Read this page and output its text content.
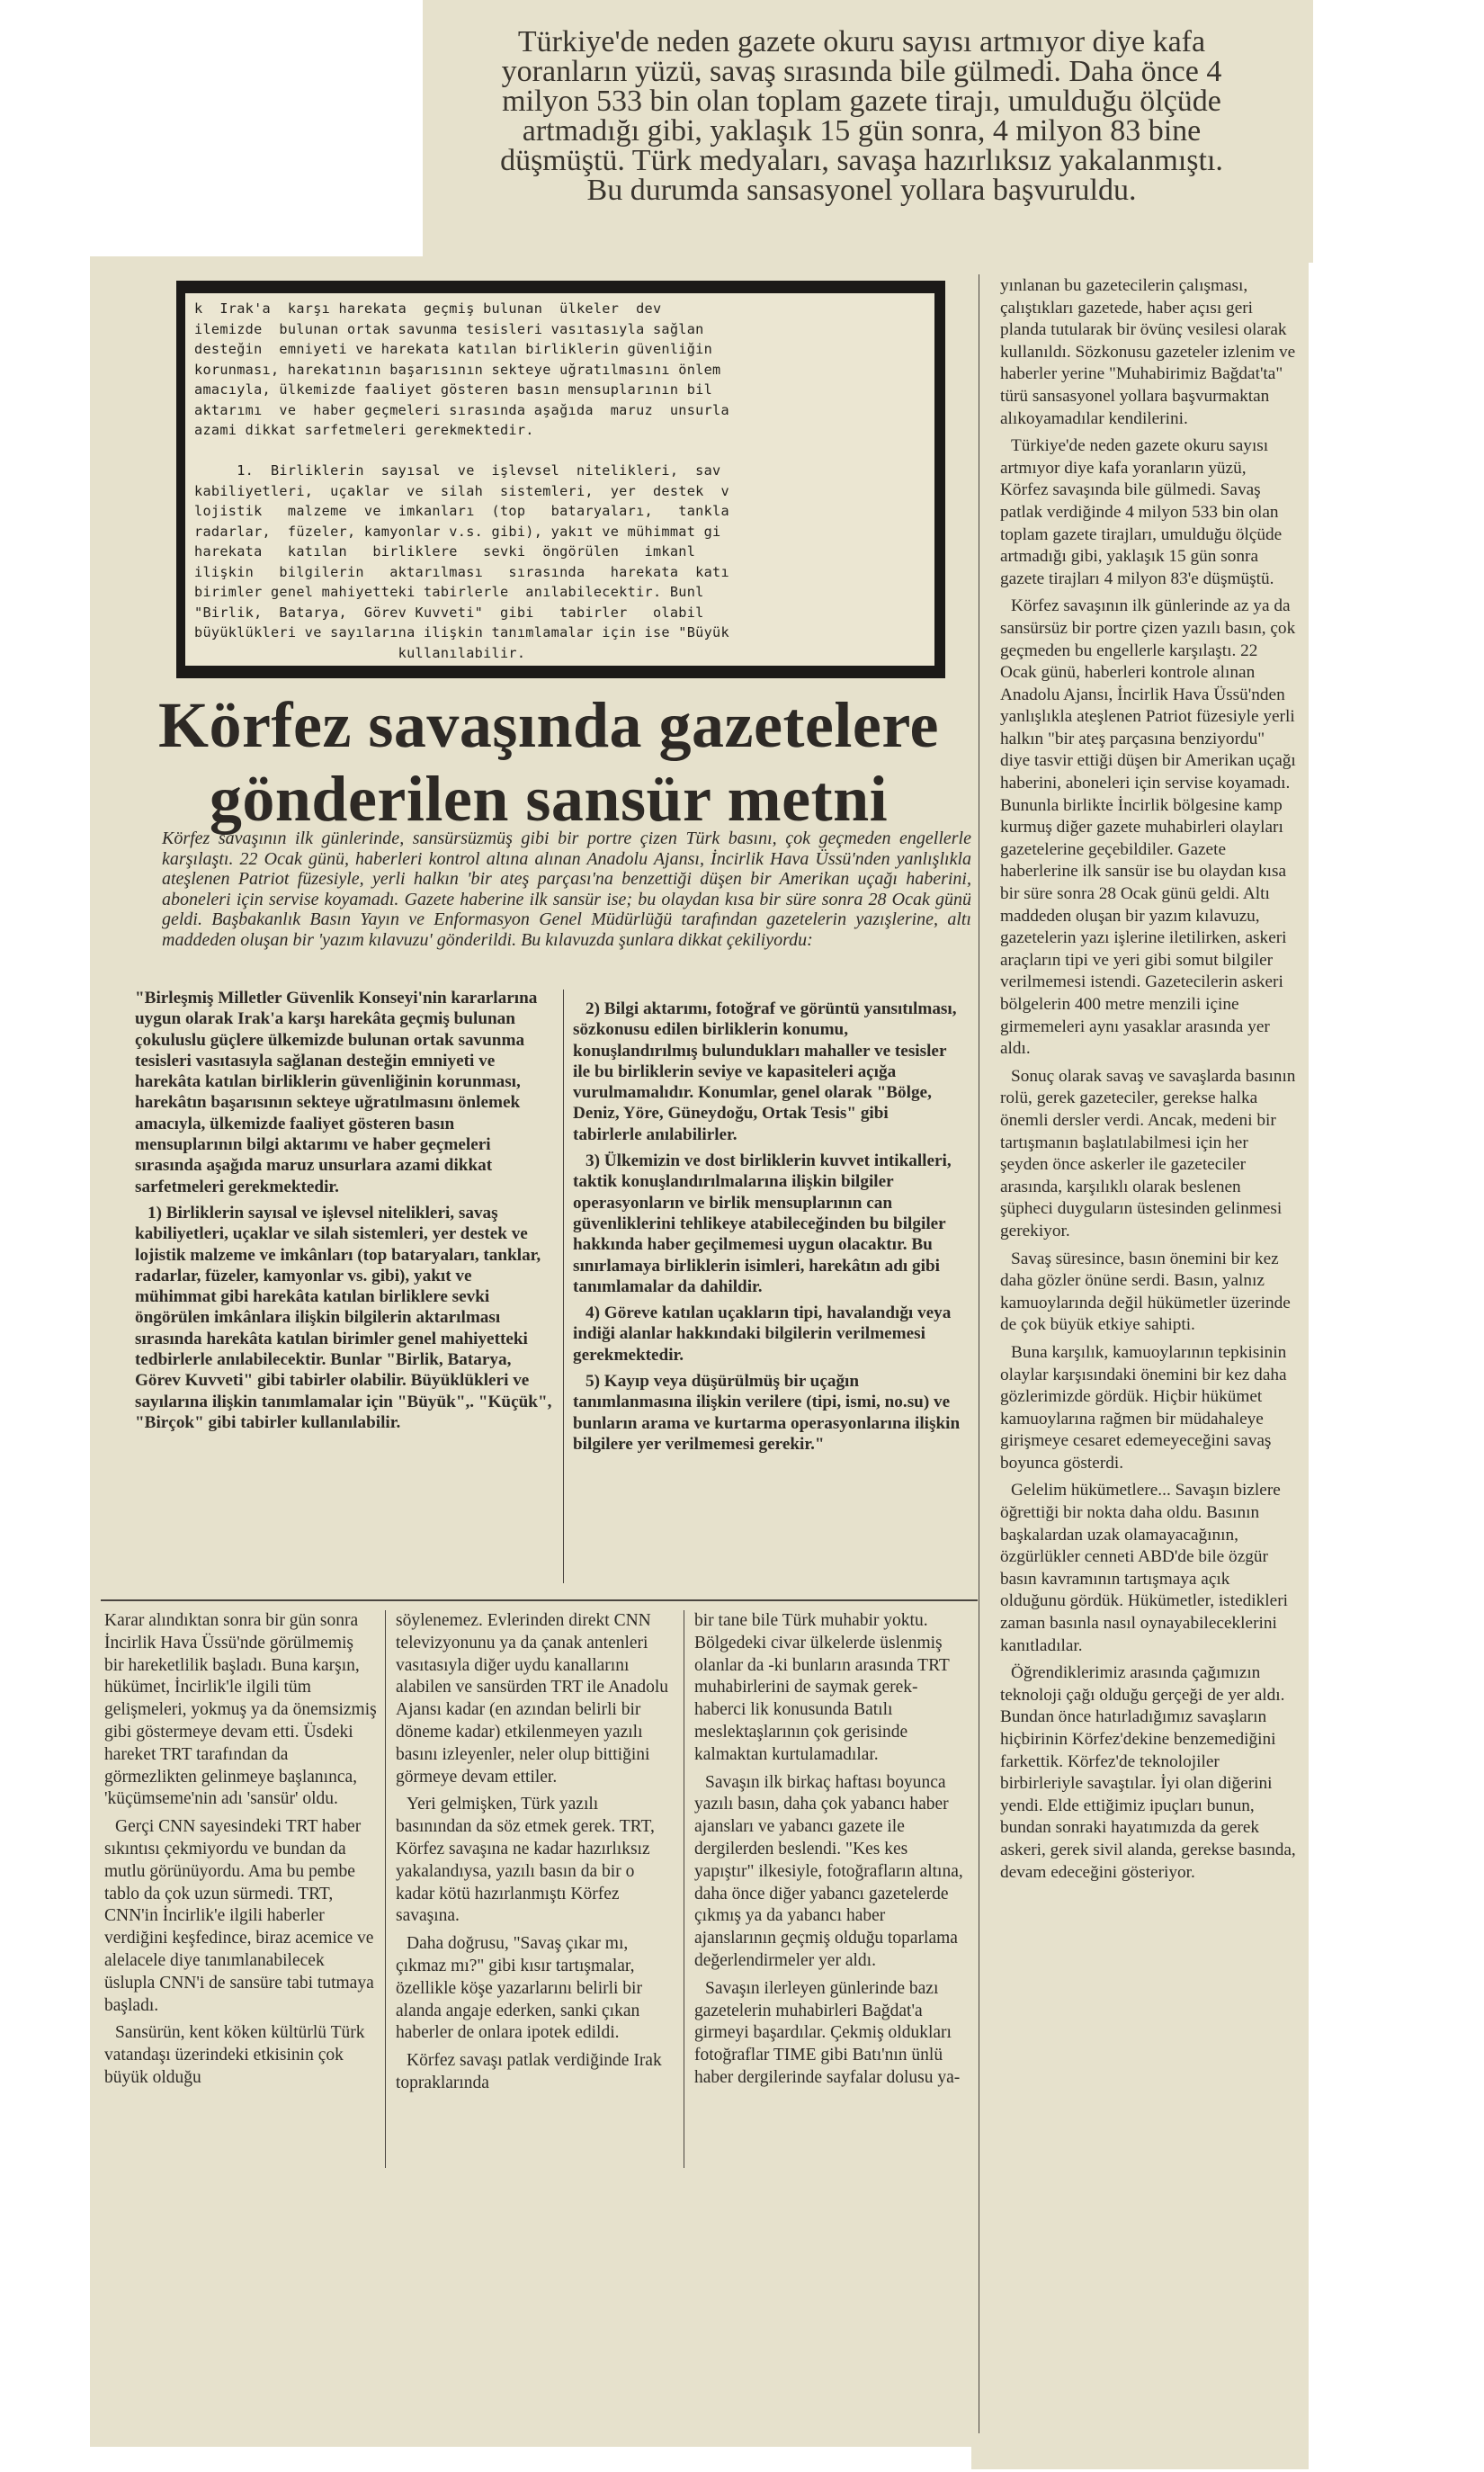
Türkiye'de neden gazete okuru sayısı artmıyor diye kafa
yoranların yüzü, savaş sırasında bile gülmedi. Daha önce 4
milyon 533 bin olan toplam gazete tirajı, umulduğu ölçüde
artmadığı gibi, yaklaşık 15 gün sonra, 4 milyon 83 bine
düşmüştü. Türk medyaları, savaşa hazırlıksız yakalanmıştı.
Bu durumda sansasyonel yollara başvuruldu.
k  Irak'a  karşı harekata  geçmiş bulunan  ülkeler  dev
ilemizde  bulunan ortak savunma tesisleri vasıtasıyla sağlan
desteğin  emniyeti ve harekata katılan birliklerin güvenliğin
korunması, harekatının başarısının sekteye uğratılmasını önlem
amacıyla, ülkemizde faaliyet gösteren basın mensuplarının bil
aktarımı  ve  haber geçmeleri sırasında aşağıda  maruz  unsurla
azami dikkat sarfetmeleri gerekmektedir.

1.  Birliklerin  sayısal  ve  işlevsel  nitelikleri,  sav
kabiliyetleri,  uçaklar  ve  silah  sistemleri,  yer  destek  v
lojistik   malzeme  ve  imkanları  (top   bataryaları,   tankla
radarlar,  füzeler, kamyonlar v.s. gibi), yakıt ve mühimmat gi
harekata   katılan   birliklere   sevki  öngörülen   imkanl
ilişkin   bilgilerin   aktarılması   sırasında   harekata  katı
birimler genel mahiyetteki tabirlerle  anılabilecektir. Bunl
"Birlik,  Batarya,  Görev Kuvveti"  gibi   tabirler   olabil
büyüklükleri ve sayılarına ilişkin tanımlamalar için ise "Büyük
kullanılabilir.
Körfez savaşında gazetelere
gönderilen sansür metni
Körfez savaşının ilk günlerinde, sansürsüzmüş gibi bir portre çizen Türk basını, çok geçmeden engellerle karşılaştı. 22 Ocak günü, haberleri kontrol altına alınan Anadolu Ajansı, İncirlik Hava Üssü'nden yanlışlıkla ateşlenen Patriot füzesiyle, yerli halkın 'bir ateş parçası'na benzettiği düşen bir Amerikan uçağı haberini, aboneleri için servise koyamadı. Gazete haberine ilk sansür ise; bu olaydan kısa bir süre sonra 28 Ocak günü geldi. Başbakanlık Basın Yayın ve Enformasyon Genel Müdürlüğü tarafından gazetelerin yazışlerine, altı maddeden oluşan bir 'yazım kılavuzu' gönderildi. Bu kılavuzda şunlara dikkat çekiliyordu:

"Birleşmiş Milletler Güvenlik Konseyi'nin kararlarına uygun olarak Irak'a karşı harekâta geçmiş bulunan çokuluslu güçlere ülkemizde bulunan ortak savunma tesisleri vasıtasıyla sağlanan desteğin emniyeti ve harekâta katılan birliklerin güvenliğinin korunması, harekâtın başarısının sekteye uğratılmasını önlemek amacıyla, ülkemizde faaliyet gösteren basın mensuplarının bilgi aktarımı ve haber geçmeleri sırasında aşağıda maruz unsurlara azami dikkat sarfetmeleri gerekmektedir.

1) Birliklerin sayısal ve işlevsel nitelikleri, savaş kabiliyetleri, uçaklar ve silah sistemleri, yer destek ve lojistik malzeme ve imkânları (top bataryaları, tanklar, radarlar, füzeler, kamyonlar vs. gibi), yakıt ve mühimmat gibi harekâta katılan birliklere sevki öngörülen imkânlara ilişkin bilgilerin aktarılması sırasında harekâta katılan birimler genel mahiyetteki tedbirlerle anılabilecektir. Bunlar "Birlik, Batarya, Görev Kuvveti" gibi tabirler olabilir. Büyüklükleri ve sayılarına ilişkin tanımlamalar için "Büyük",. "Küçük", "Birçok" gibi tabirler kullanılabilir.

2) Bilgi aktarımı, fotoğraf ve görüntü yansıtılması, sözkonusu edilen birliklerin konumu, konuşlandırılmış bulundukları mahaller ve tesisler ile bu birliklerin seviye ve kapasiteleri açığa vurulmamalıdır. Konumlar, genel olarak "Bölge, Deniz, Yöre, Güneydoğu, Ortak Tesis" gibi tabirlerle anılabilirler.

3) Ülkemizin ve dost birliklerin kuvvet intikalleri, taktik konuşlandırılmalarına ilişkin bilgiler operasyonların ve birlik mensuplarının can güvenliklerini tehlikeye atabileceğinden bu bilgiler hakkında haber geçilmemesi uygun olacaktır. Bu sınırlamaya birliklerin isimleri, harekâtın adı gibi tanımlamalar da dahildir.

4) Göreve katılan uçakların tipi, havalandığı veya indiği alanlar hakkındaki bilgilerin verilmemesi gerekmektedir.

5) Kayıp veya düşürülmüş bir uçağın tanımlanmasına ilişkin verilere (tipi, ismi, no.su) ve bunların arama ve kurtarma operasyonlarına ilişkin bilgilere yer verilmemesi gerekir."

Karar alındıktan sonra bir gün sonra İncirlik Hava Üssü'nde görülmemiş bir hareketlilik başladı. Buna karşın, hükümet, İncirlik'le ilgili tüm gelişmeleri, yokmuş ya da önemsizmiş gibi göstermeye devam etti. Üsdeki hareket TRT tarafından da görmezlikten gelinmeye başlanınca, 'küçümseme'nin adı 'sansür' oldu.

Gerçi CNN sayesindeki TRT haber sıkıntısı çekmiyordu ve bundan da mutlu görünüyordu. Ama bu pembe tablo da çok uzun sürmedi. TRT, CNN'in İncirlik'e ilgili haberler verdiğini keşfedince, biraz acemice ve alelacele diye tanımlanabilecek üslupla CNN'i de sansüre tabi tutmaya başladı.

Sansürün, kent köken kültürlü Türk vatandaşı üzerindeki etkisinin çok büyük olduğu

söylenemez. Evlerinden direkt CNN televizyonunu ya da çanak antenleri vasıtasıyla diğer uydu kanallarını alabilen ve sansürden TRT ile Anadolu Ajansı kadar (en azından belirli bir döneme kadar) etkilenmeyen yazılı basını izleyenler, neler olup bittiğini görmeye devam ettiler.

Yeri gelmişken, Türk yazılı basınından da söz etmek gerek. TRT, Körfez savaşına ne kadar hazırlıksız yakalandıysa, yazılı basın da bir o kadar kötü hazırlanmıştı Körfez savaşına.

Daha doğrusu, "Savaş çıkar mı, çıkmaz mı?" gibi kısır tartışmalar, özellikle köşe yazarlarını belirli bir alanda angaje ederken, sanki çıkan haberler de onlara ipotek edildi.

Körfez savaşı patlak verdiğinde Irak topraklarında

bir tane bile Türk muhabir yoktu. Bölgedeki civar ülkelerde üslenmiş olanlar da -ki bunların arasında TRT muhabirlerini de saymak gerek- haberci lik konusunda Batılı meslektaşlarının çok gerisinde kalmaktan kurtulamadılar.

Savaşın ilk birkaç haftası boyunca yazılı basın, daha çok yabancı haber ajansları ve yabancı gazete ile dergilerden beslendi. "Kes kes yapıştır" ilkesiyle, fotoğrafların altına, daha önce diğer yabancı gazetelerde çıkmış ya da yabancı haber ajanslarının geçmiş olduğu toparlama değerlendirmeler yer aldı.

Savaşın ilerleyen günlerinde bazı gazetelerin muhabirleri Bağdat'a girmeyi başardılar. Çekmiş oldukları fotoğraflar TIME gibi Batı'nın ünlü haber dergilerinde sayfalar dolusu ya-

yınlanan bu gazetecilerin çalışması, çalıştıkları gazetede, haber açısı geri planda tutularak bir övünç vesilesi olarak kullanıldı. Sözkonusu gazeteler izlenim ve haberler yerine "Muhabirimiz Bağdat'ta" türü sansasyonel yollara başvurmaktan alıkoyamadılar kendilerini.

Türkiye'de neden gazete okuru sayısı artmıyor diye kafa yoranların yüzü, Körfez savaşında bile gülmedi. Savaş patlak verdiğinde 4 milyon 533 bin olan toplam gazete tirajları, umulduğu ölçüde artmadığı gibi, yaklaşık 15 gün sonra gazete tirajları 4 milyon 83'e düşmüştü.

Körfez savaşının ilk günlerinde az ya da sansürsüz bir portre çizen yazılı basın, çok geçmeden bu engellerle karşılaştı. 22 Ocak günü, haberleri kontrole alınan Anadolu Ajansı, İncirlik Hava Üssü'nden yanlışlıkla ateşlenen Patriot füzesiyle yerli halkın "bir ateş parçasına benziyordu" diye tasvir ettiği düşen bir Amerikan uçağı haberini, aboneleri için servise koyamadı. Bununla birlikte İncirlik bölgesine kamp kurmuş diğer gazete muhabirleri olayları gazetelerine geçebildiler. Gazete haberlerine ilk sansür ise bu olaydan kısa bir süre sonra 28 Ocak günü geldi. Altı maddeden oluşan bir yazım kılavuzu, gazetelerin yazı işlerine iletilirken, askeri araçların tipi ve yeri gibi somut bilgiler verilmemesi istendi. Gazetecilerin askeri bölgelerin 400 metre menzili içine girmemeleri aynı yasaklar arasında yer aldı.

Sonuç olarak savaş ve savaşlarda basının rolü, gerek gazeteciler, gerekse halka önemli dersler verdi. Ancak, medeni bir tartışmanın başlatılabilmesi için her şeyden önce askerler ile gazeteciler arasında, karşılıklı olarak beslenen şüpheci duyguların üstesinden gelinmesi gerekiyor.

Savaş süresince, basın önemini bir kez daha gözler önüne serdi. Basın, yalnız kamuoylarında değil hükümetler üzerinde de çok büyük etkiye sahipti.

Buna karşılık, kamuoylarının tepkisinin olaylar karşısındaki önemini bir kez daha gözlerimizde gördük. Hiçbir hükümet kamuoylarına rağmen bir müdahaleye girişmeye cesaret edemeyeceğini savaş boyunca gösterdi.

Gelelim hükümetlere... Savaşın bizlere öğrettiği bir nokta daha oldu. Basının başkalardan uzak olamayacağının, özgürlükler cenneti ABD'de bile özgür basın kavramının tartışmaya açık olduğunu gördük. Hükümetler, istedikleri zaman basınla nasıl oynayabileceklerini kanıtladılar.

Öğrendiklerimiz arasında çağımızın teknoloji çağı olduğu gerçeği de yer aldı. Bundan önce hatırladığımız savaşların hiçbirinin Körfez'dekine benzemediğini farkettik. Körfez'de teknolojiler birbirleriyle savaştılar. İyi olan diğerini yendi. Elde ettiğimiz ipuçları bunun, bundan sonraki hayatımızda da gerek askeri, gerek sivil alanda, gerekse basında, devam edeceğini gösteriyor.
